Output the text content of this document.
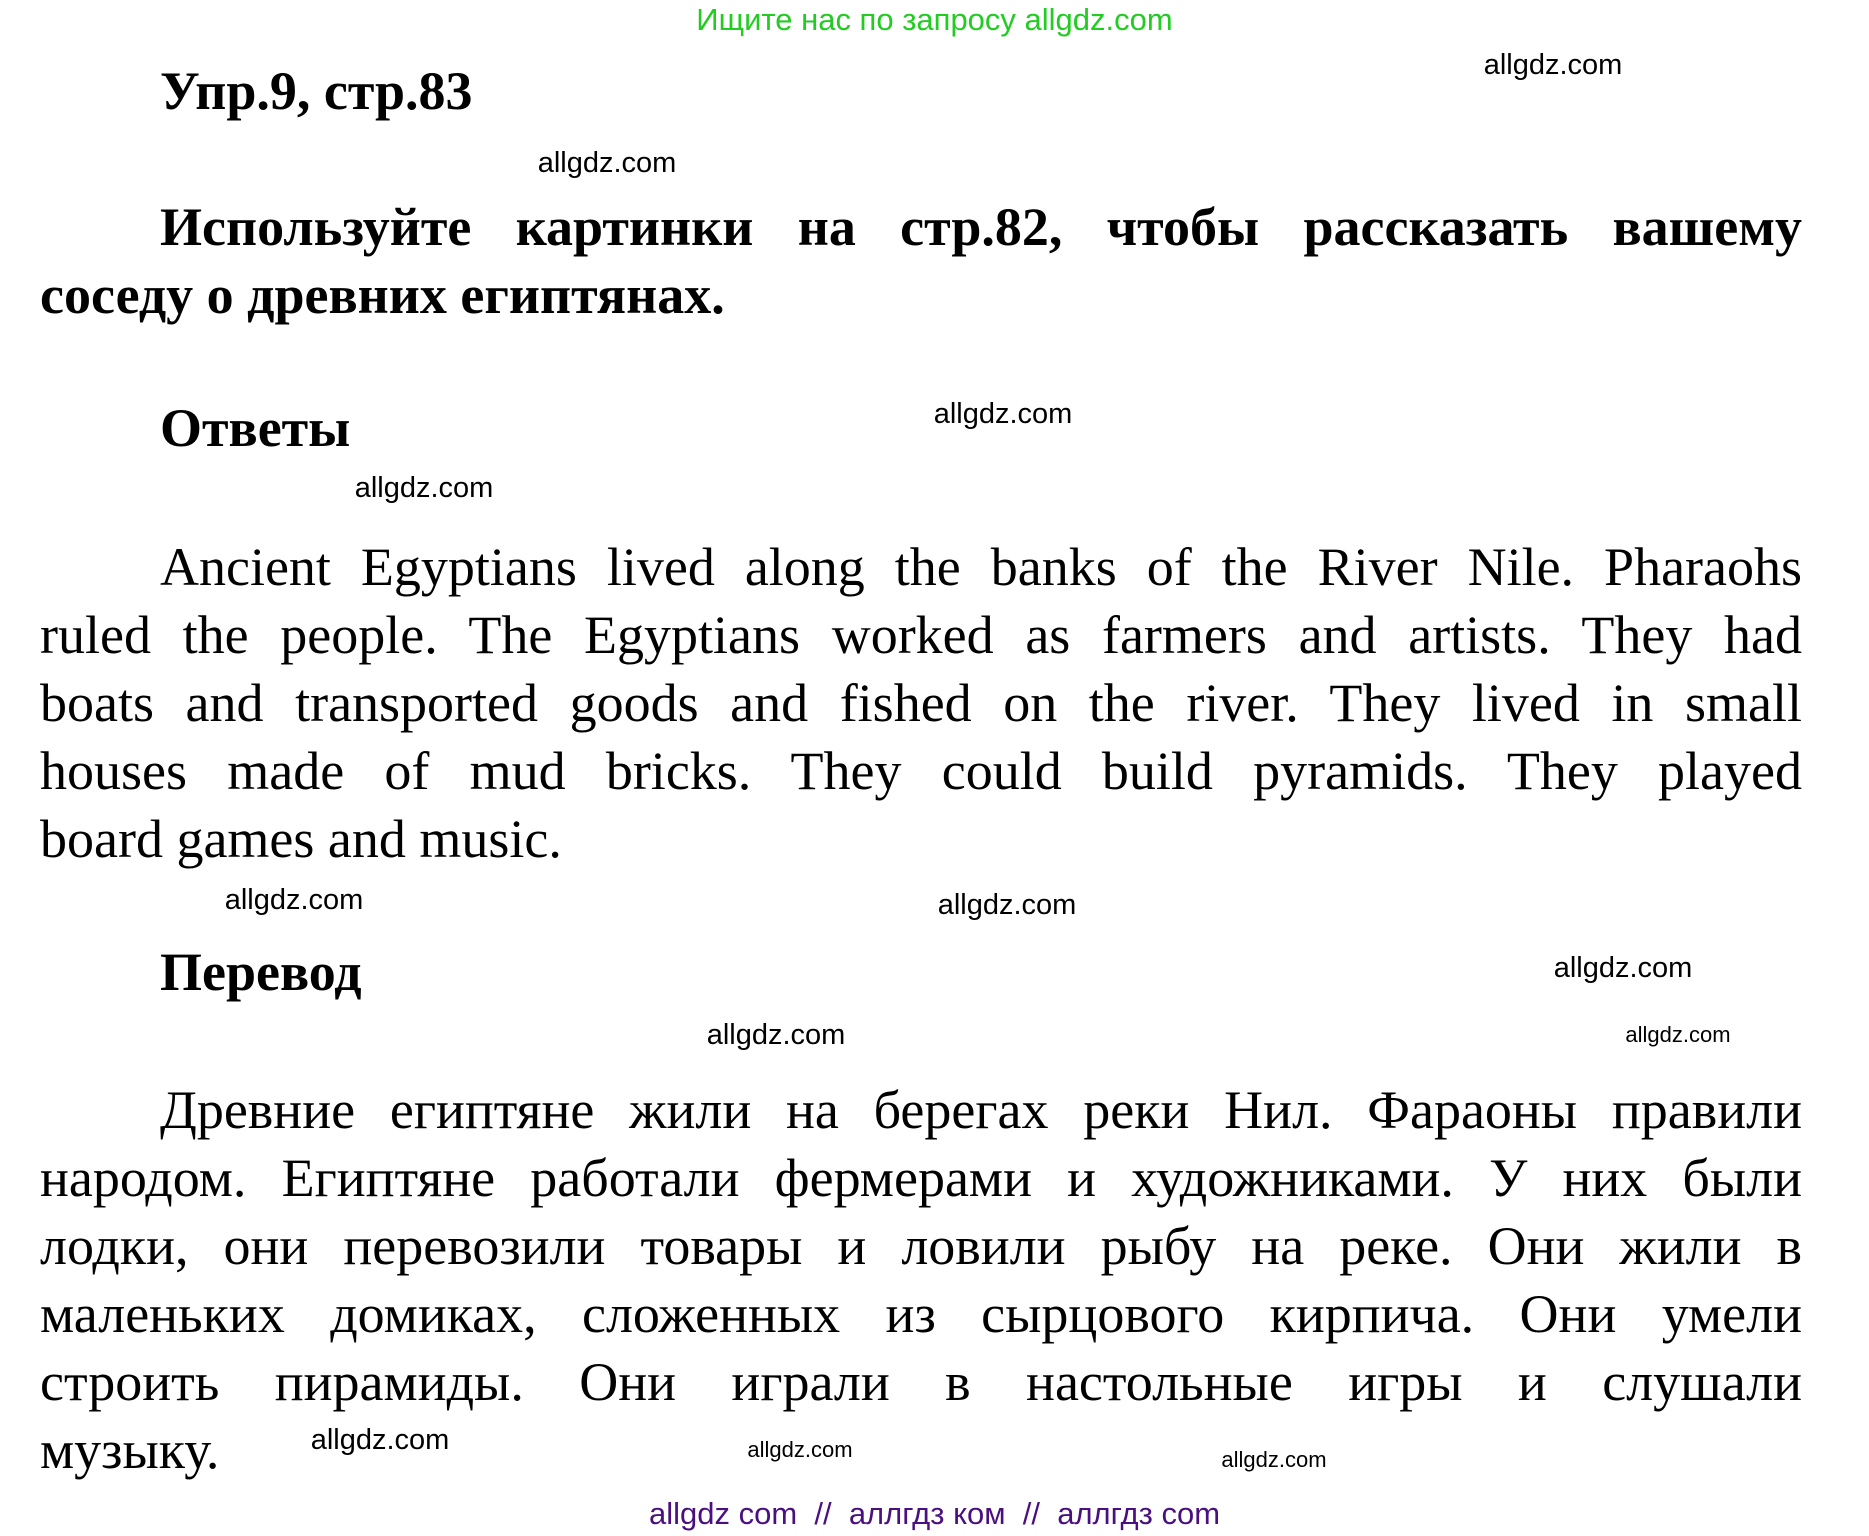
Ищите нас по запросу allgdz.com
Упр.9, стр.83
Используйте картинки на стр.82, чтобы рассказать вашему
соседу о древних египтянах.
Ответы
Ancient Egyptians lived along the banks of the River Nile. Pharaohs
ruled the people. The Egyptians worked as farmers and artists. They had
boats and transported goods and fished on the river. They lived in small
houses made of mud bricks. They could build pyramids. They played
board games and music.
Перевод
Древние египтяне жили на берегах реки Нил. Фараоны правили
народом. Египтяне работали фермерами и художниками. У них были
лодки, они перевозили товары и ловили рыбу на реке. Они жили в
маленьких домиках, сложенных из сырцового кирпича. Они умели
строить пирамиды. Они играли в настольные игры и слушали
музыку.
allgdz.com
allgdz.com
allgdz.com
allgdz.com
allgdz.com
allgdz.com
allgdz.com
allgdz.com	allgdz.com
allgdz.com
allgdz.com
allgdz.com
allgdz com  //  аллгдз ком  //  аллгдз com
